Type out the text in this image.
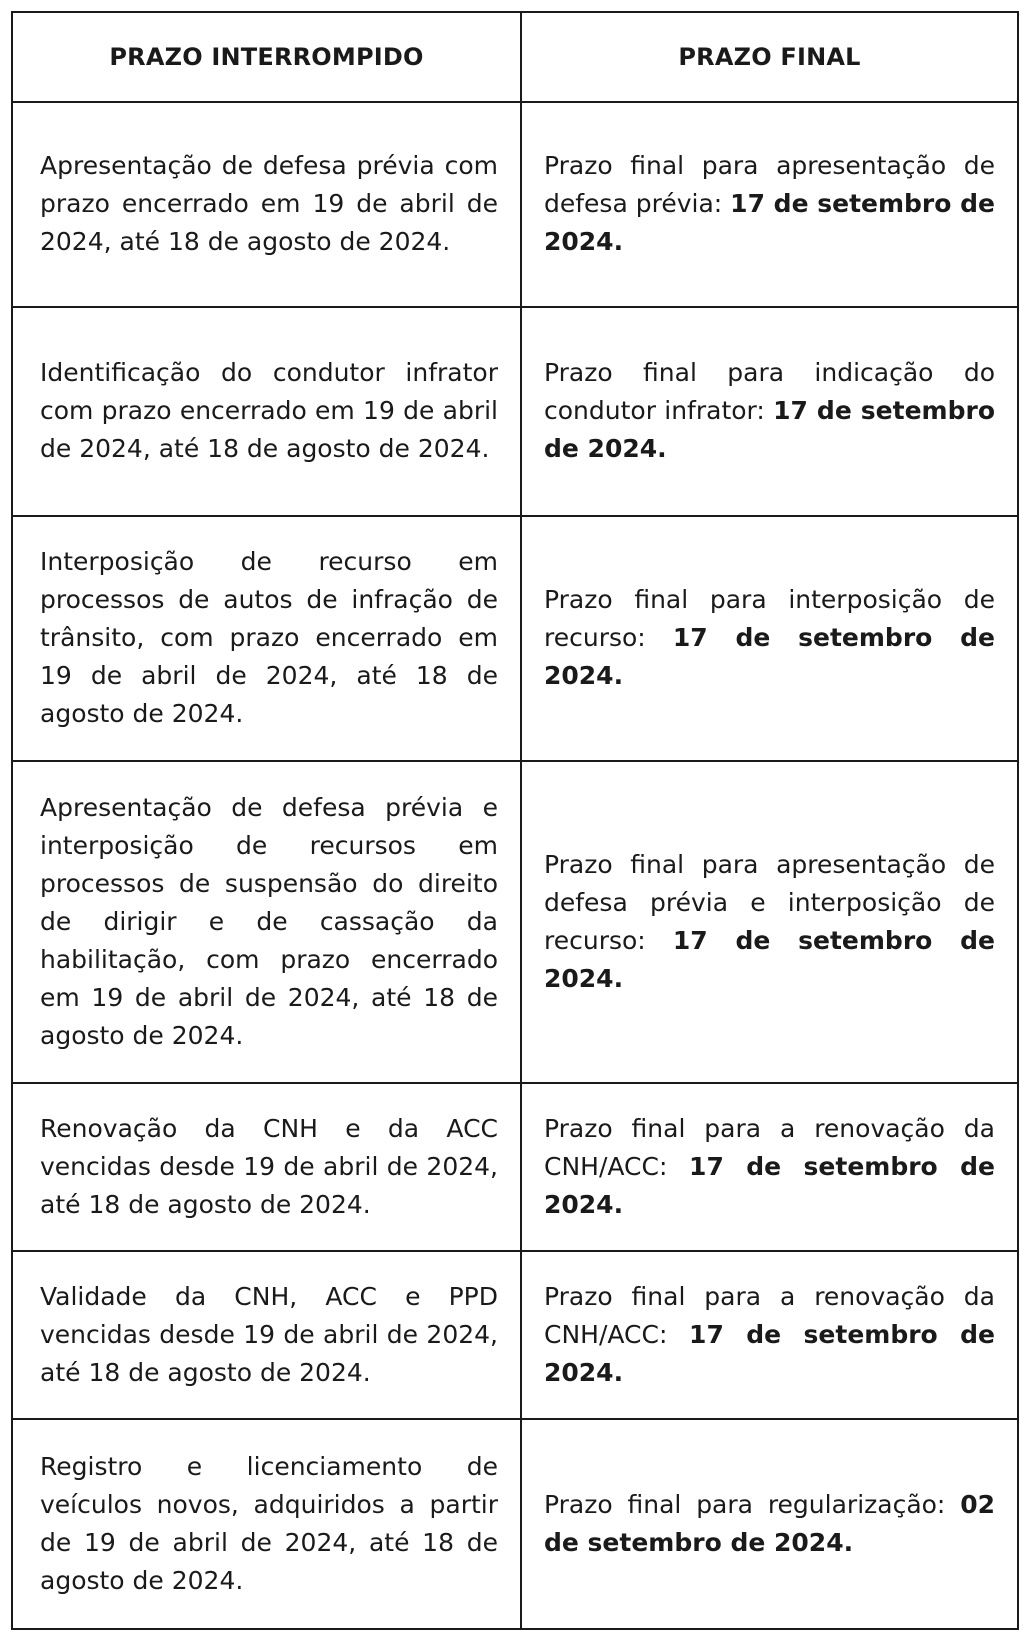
PRAZO INTERROMPIDO	PRAZO FINAL
Apresentação de defesa prévia com prazo encerrado em 19 de abril de 2024, até 18 de agosto de 2024.	Prazo final para apresentação de defesa prévia: 17 de setembro de 2024.
Identificação do condutor infrator com prazo encerrado em 19 de abril de 2024, até 18 de agosto de 2024.	Prazo final para indicação do condutor infrator: 17 de setembro de 2024.
Interposição de recurso em processos de autos de infração de trânsito, com prazo encerrado em 19 de abril de 2024, até 18 de agosto de 2024.	Prazo final para interposição de recurso: 17 de setembro de 2024.
Apresentação de defesa prévia e interposição de recursos em processos de suspensão do direito de dirigir e de cassação da habilitação, com prazo encerrado em 19 de abril de 2024, até 18 de agosto de 2024.	Prazo final para apresentação de defesa prévia e interposição de recurso: 17 de setembro de 2024.
Renovação da CNH e da ACC vencidas desde 19 de abril de 2024, até 18 de agosto de 2024.	Prazo final para a renovação da CNH/ACC: 17 de setembro de 2024.
Validade da CNH, ACC e PPD vencidas desde 19 de abril de 2024, até 18 de agosto de 2024.	Prazo final para a renovação da CNH/ACC: 17 de setembro de 2024.
Registro e licenciamento de veículos novos, adquiridos a partir de 19 de abril de 2024, até 18 de agosto de 2024.	Prazo final para regularização: 02 de setembro de 2024.
